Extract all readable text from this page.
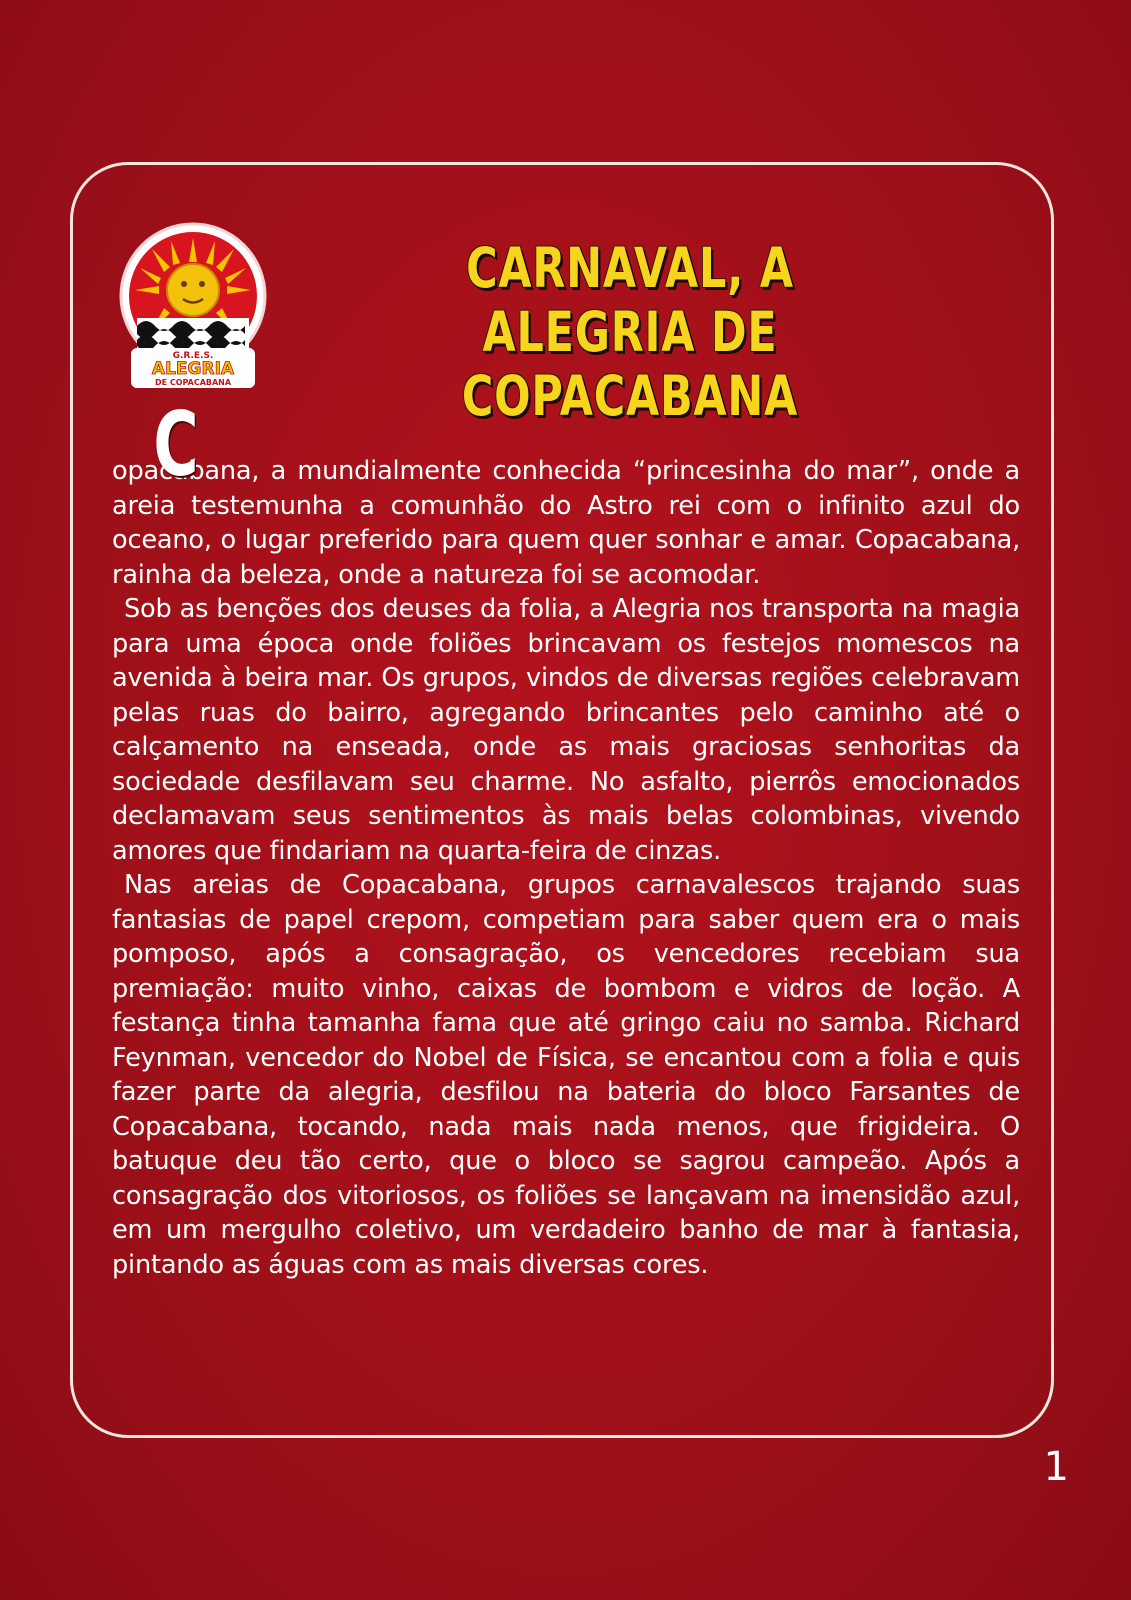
G.R.E.S.
ALEGRIA
DE COPACABANA
CARNAVAL, A ALEGRIA DE
COPACABANA

C
opacabana, a mundialmente conhecida “princesinha do mar”, onde a areia testemunha a comunhão do Astro rei com o infinito azul do oceano, o lugar preferido para quem quer sonhar e amar. Copacabana, rainha da beleza, onde a natureza foi se acomodar.

Sob as benções dos deuses da folia, a Alegria nos transporta na magia para uma época onde foliões brincavam os festejos momescos na avenida à beira mar. Os grupos, vindos de diversas regiões celebravam pelas ruas do bairro, agregando brincantes pelo caminho até o calçamento na enseada, onde as mais graciosas senhoritas da sociedade desfilavam seu charme. No asfalto, pierrôs emocionados declamavam seus sentimentos às mais belas colombinas, vivendo amores que findariam na quarta-feira de cinzas.

Nas areias de Copacabana, grupos carnavalescos trajando suas fantasias de papel crepom, competiam para saber quem era o mais pomposo, após a consagração, os vencedores recebiam sua premiação: muito vinho, caixas de bombom e vidros de loção. A festança tinha tamanha fama que até gringo caiu no samba. Richard Feynman, vencedor do Nobel de Física, se encantou com a folia e quis fazer parte da alegria, desfilou na bateria do bloco Farsantes de Copacabana, tocando, nada mais nada menos, que frigideira. O batuque deu tão certo, que o bloco se sagrou campeão. Após a consagração dos vitoriosos, os foliões se lançavam na imensidão azul, em um mergulho coletivo, um verdadeiro banho de mar à fantasia, pintando as águas com as mais diversas cores.

1
